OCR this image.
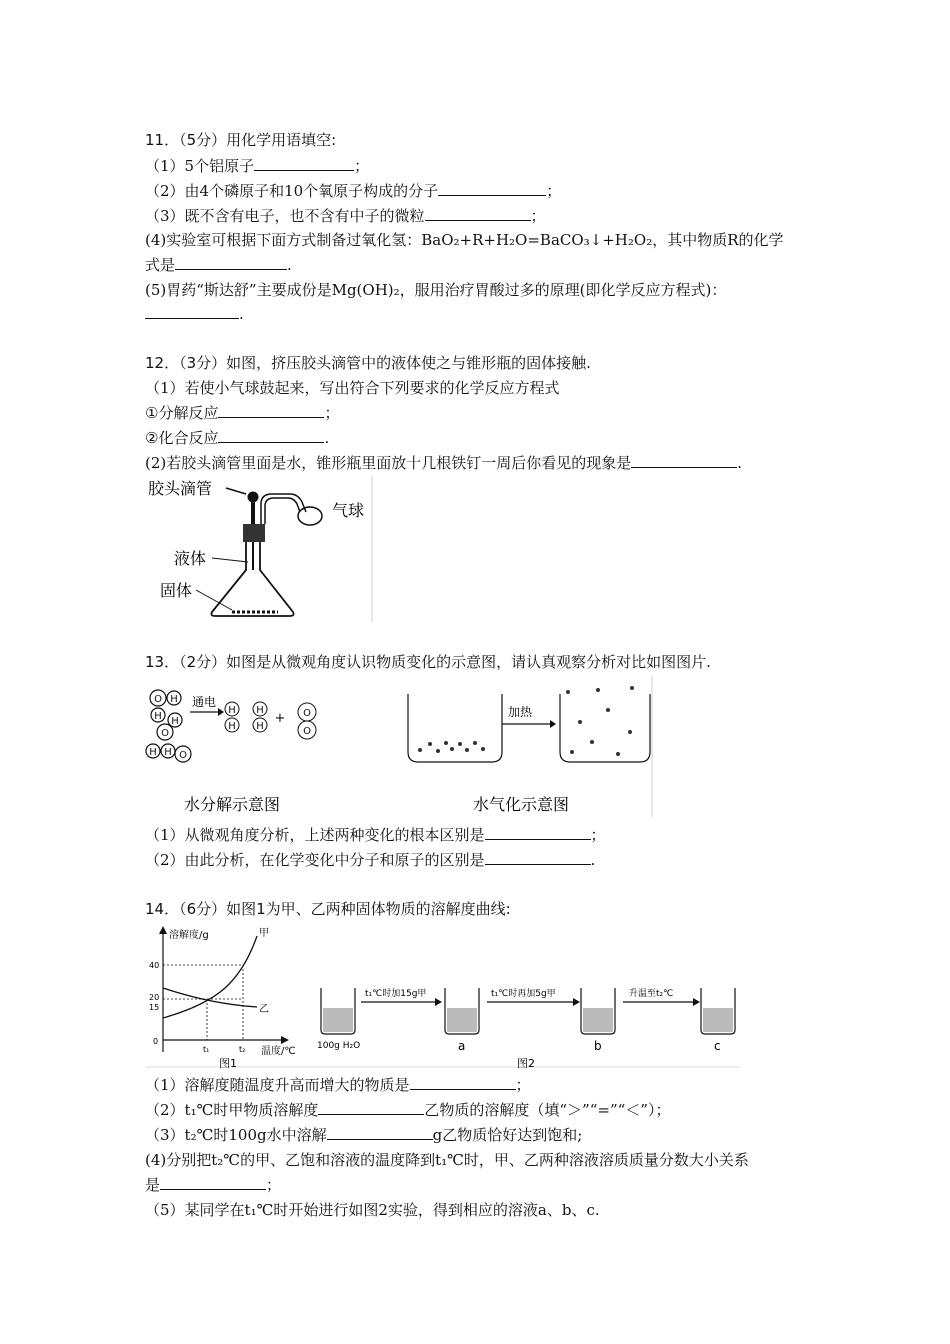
11．（5分）用化学用语填空:
（1）5个铝原子	；
（2）由4个磷原子和10个氧原子构成的分子	；
（3）既不含有电子，也不含有中子的微粒	；
(4)实验室可根据下面方式制备过氧化氢：BaO₂+R+H₂O=BaCO₃↓+H₂O₂，其中物质R的化学
式是	.
(5)胃药“斯达舒”主要成份是Mg(OH)₂，服用治疗胃酸过多的原理(即化学反应方程式)：
.
12．（3分）如图，挤压胶头滴管中的液体使之与锥形瓶的固体接触.
（1）若使小气球鼓起来，写出符合下列要求的化学反应方程式
①分解反应	；
②化合反应	.
(2)若胶头滴管里面是水，锥形瓶里面放十几根铁钉一周后你看见的现象是	.
胶头滴管
气球
液体
固体
13．（2分）如图是从微观角度认识物质变化的示意图，请认真观察分析对比如图图片.
O H
H
O
H
H H O
通电
H
H
H
H
+ O
O
加热
水分解示意图	水气化示意图
（1）从微观角度分析，上述两种变化的根本区别是	；
（2）由此分析，在化学变化中分子和原子的区别是	.
14．（6分）如图1为甲、乙两种固体物质的溶解度曲线:
溶解度/g
温度/℃
40
20
15
0
甲
乙
t₁	t₂
图1
t₁℃时加15g甲	t₁℃时再加5g甲	升温至t₂℃
100g H₂O	a	b	c
图2
（1）溶解度随温度升高而增大的物质是	；
（2）t₁℃时甲物质溶解度	乙物质的溶解度（填“＞”“=”“＜”）；
（3）t₂℃时100g水中溶解	g乙物质恰好达到饱和;
(4)分别把t₂℃的甲、乙饱和溶液的温度降到t₁℃时，甲、乙两种溶液溶质质量分数大小关系
是	；
（5）某同学在t₁℃时开始进行如图2实验，得到相应的溶液a、b、c.
